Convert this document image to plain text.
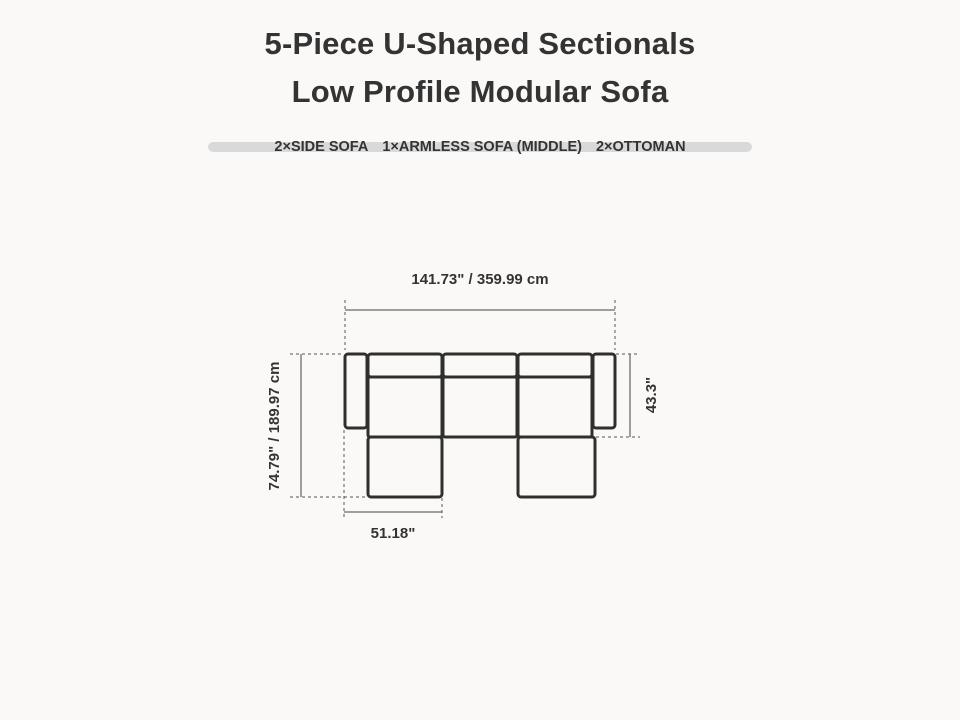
5-Piece U-Shaped Sectionals
Low Profile Modular Sofa
2×SIDE SOFA 1×ARMLESS SOFA (MIDDLE) 2×OTTOMAN
141.73" / 359.99 cm
74.79" / 189.97 cm	43.3"
51.18"
